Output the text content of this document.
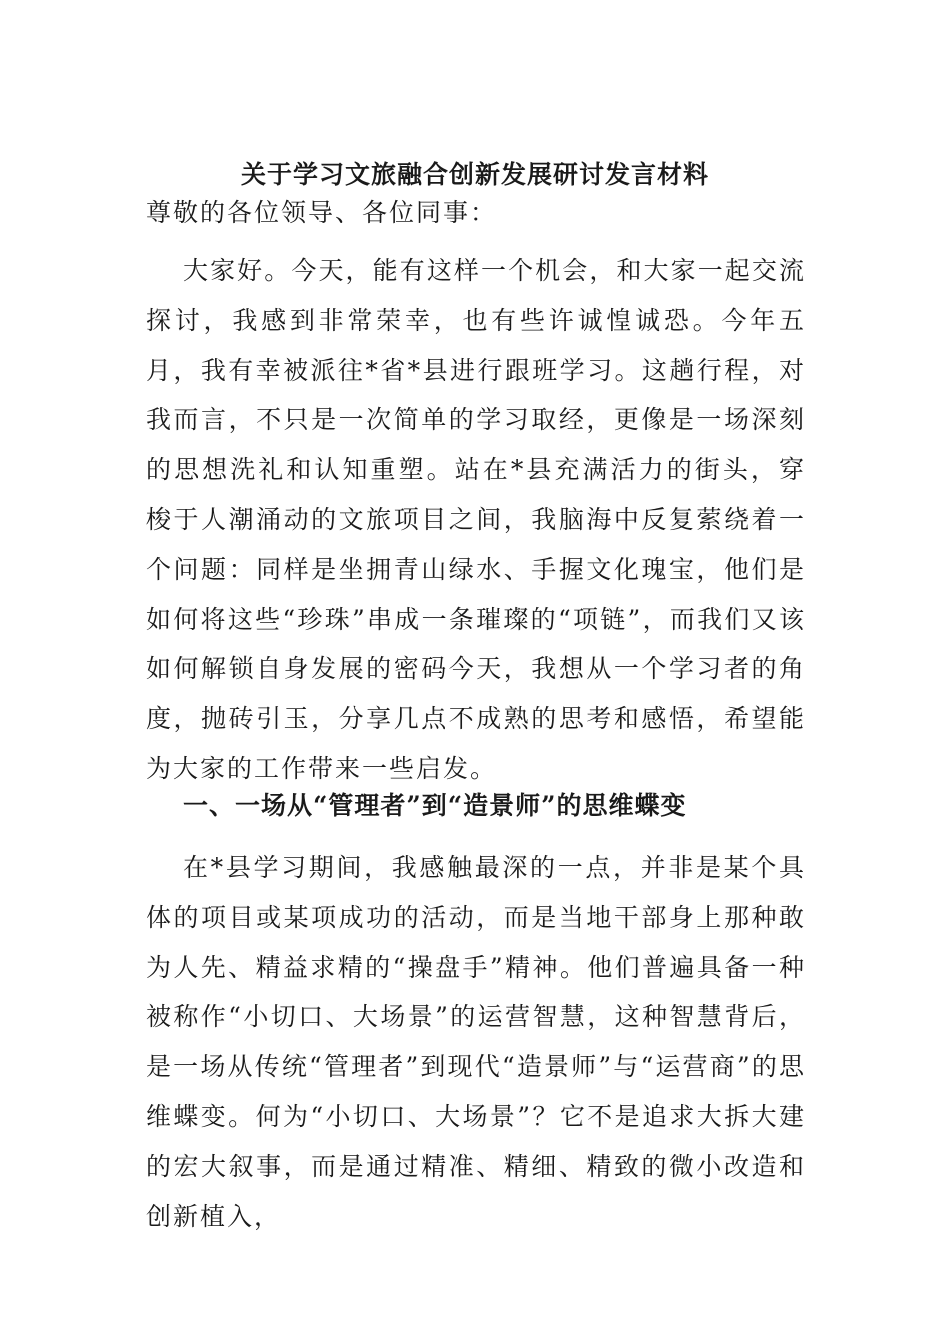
关于学习文旅融合创新发展研讨发言材料
尊敬的各位领导、各位同事：

大家好。今天，能有这样一个机会，和大家一起交流探讨，我感到非常荣幸，也有些许诚惶诚恐。今年五月，我有幸被派往*省*县进行跟班学习。这趟行程，对我而言，不只是一次简单的学习取经，更像是一场深刻的思想洗礼和认知重塑。站在*县充满活力的街头，穿梭于人潮涌动的文旅项目之间，我脑海中反复萦绕着一个问题：同样是坐拥青山绿水、手握文化瑰宝，他们是如何将这些“珍珠”串成一条璀璨的“项链”，而我们又该如何解锁自身发展的密码今天，我想从一个学习者的角度，抛砖引玉，分享几点不成熟的思考和感悟，希望能为大家的工作带来一些启发。

一、一场从“管理者”到“造景师”的思维蝶变

在*县学习期间，我感触最深的一点，并非是某个具体的项目或某项成功的活动，而是当地干部身上那种敢为人先、精益求精的“操盘手”精神。他们普遍具备一种被称作“小切口、大场景”的运营智慧，这种智慧背后，是一场从传统“管理者”到现代“造景师”与“运营商”的思维蝶变。何为“小切口、大场景”？它不是追求大拆大建的宏大叙事，而是通过精准、精细、精致的微小改造和创新植入，
